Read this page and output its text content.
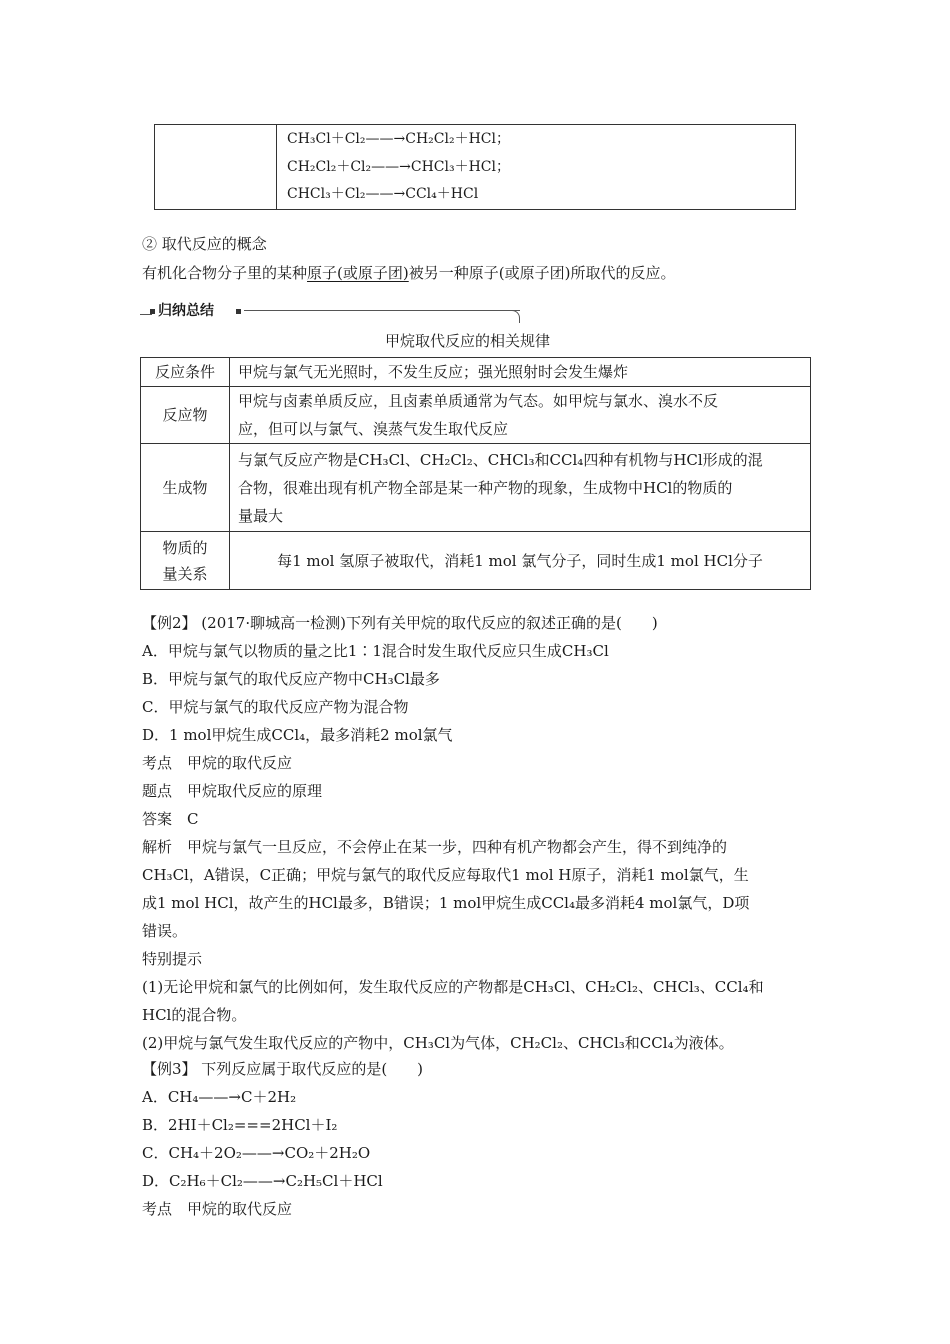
CH₃Cl＋Cl₂——→CH₂Cl₂＋HCl；
CH₂Cl₂＋Cl₂——→CHCl₃＋HCl；
CHCl₃＋Cl₂——→CCl₄＋HCl
② 取代反应的概念
有机化合物分子里的某种原子(或原子团)被另一种原子(或原子团)所取代的反应。
归纳总结
甲烷取代反应的相关规律
反应条件	甲烷与氯气无光照时，不发生反应；强光照射时会发生爆炸
反应物	甲烷与卤素单质反应，且卤素单质通常为气态。如甲烷与氯水、溴水不反
应，但可以与氯气、溴蒸气发生取代反应

生成物	与氯气反应产物是CH₃Cl、CH₂Cl₂、CHCl₃和CCl₄四种有机物与HCl形成的混
合物，很难出现有机产物全部是某一种产物的现象，生成物中HCl的物质的
量最大

物质的
量关系	每1 mol 氢原子被取代，消耗1 mol 氯气分子，同时生成1 mol HCl分子
【例2】 (2017·聊城高一检测)下列有关甲烷的取代反应的叙述正确的是(　　)
A．甲烷与氯气以物质的量之比1∶1混合时发生取代反应只生成CH₃Cl
B．甲烷与氯气的取代反应产物中CH₃Cl最多
C．甲烷与氯气的取代反应产物为混合物
D．1 mol甲烷生成CCl₄，最多消耗2 mol氯气
考点　甲烷的取代反应
题点　甲烷取代反应的原理
答案　C
解析　甲烷与氯气一旦反应，不会停止在某一步，四种有机产物都会产生，得不到纯净的
CH₃Cl，A错误，C正确；甲烷与氯气的取代反应每取代1 mol H原子，消耗1 mol氯气，生
成1 mol HCl，故产生的HCl最多，B错误；1 mol甲烷生成CCl₄最多消耗4 mol氯气，D项
错误。
特别提示
(1)无论甲烷和氯气的比例如何，发生取代反应的产物都是CH₃Cl、CH₂Cl₂、CHCl₃、CCl₄和
HCl的混合物。
(2)甲烷与氯气发生取代反应的产物中，CH₃Cl为气体，CH₂Cl₂、CHCl₃和CCl₄为液体。
【例3】 下列反应属于取代反应的是(　　)
A．CH₄——→C＋2H₂
B．2HI＋Cl₂===2HCl＋I₂
C．CH₄＋2O₂——→CO₂＋2H₂O
D．C₂H₆＋Cl₂——→C₂H₅Cl＋HCl
考点　甲烷的取代反应
